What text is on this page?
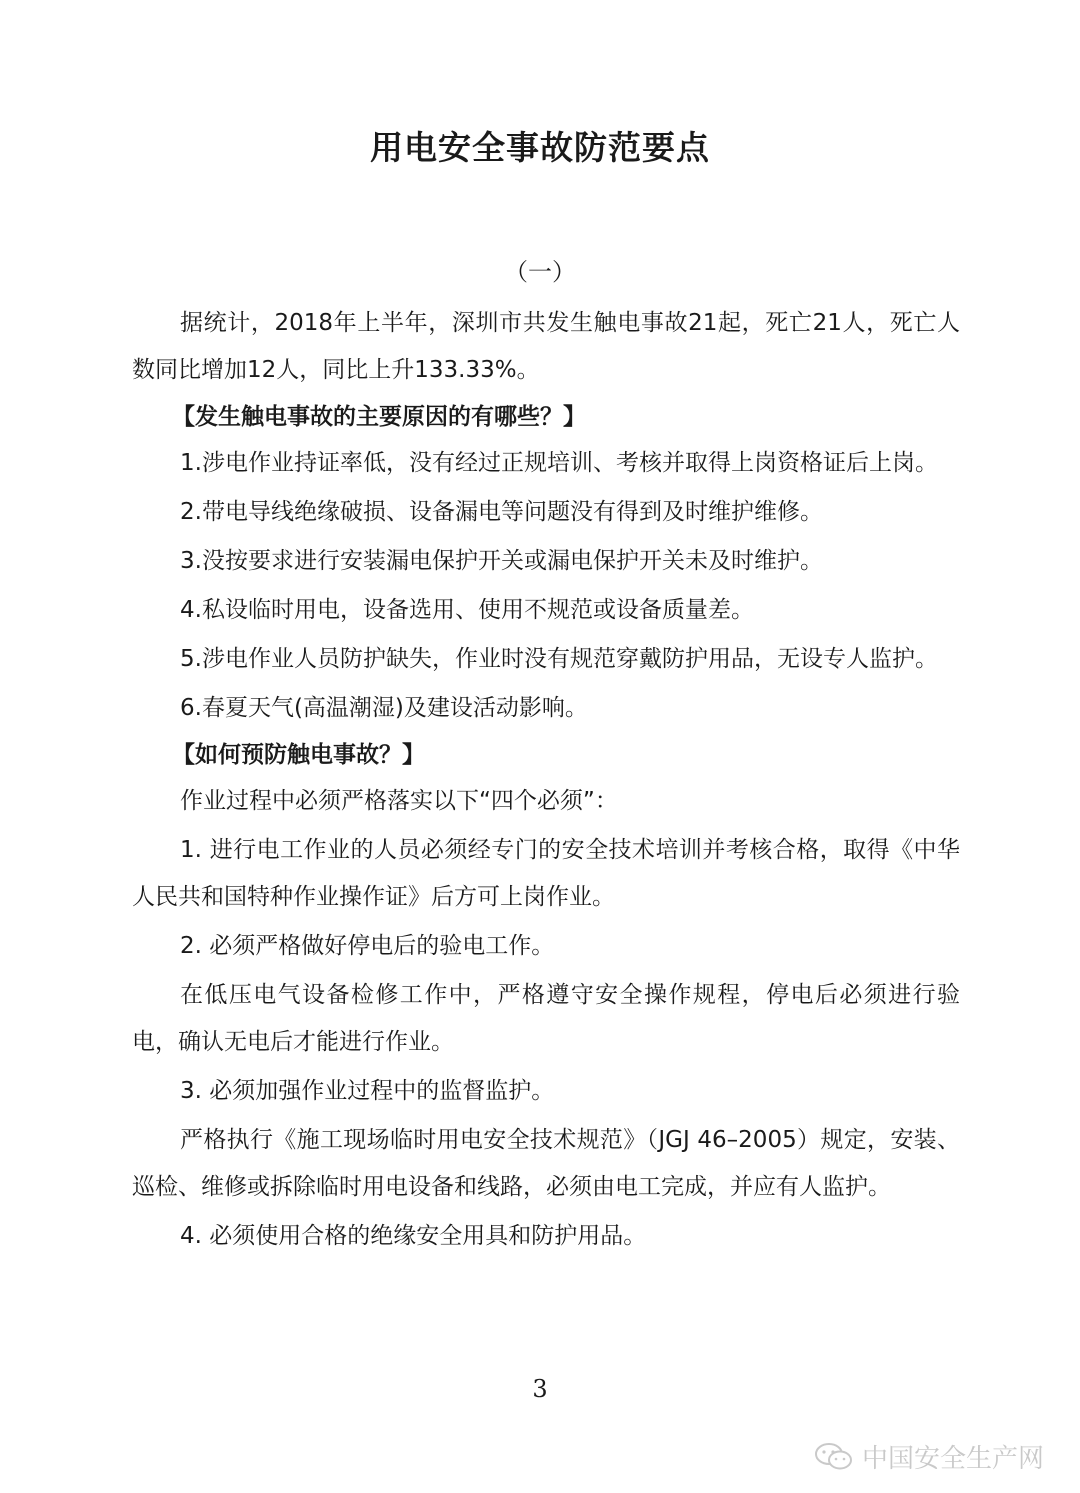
用电安全事故防范要点
（一）

据统计，2018年上半年，深圳市共发生触电事故21起，死亡21人，死亡人数同比增加12人，同比上升133.33%。

【发生触电事故的主要原因的有哪些？】

1.涉电作业持证率低，没有经过正规培训、考核并取得上岗资格证后上岗。

2.带电导线绝缘破损、设备漏电等问题没有得到及时维护维修。

3.没按要求进行安装漏电保护开关或漏电保护开关未及时维护。

4.私设临时用电，设备选用、使用不规范或设备质量差。

5.涉电作业人员防护缺失，作业时没有规范穿戴防护用品，无设专人监护。

6.春夏天气(高温潮湿)及建设活动影响。

【如何预防触电事故？】

作业过程中必须严格落实以下“四个必须”：

1. 进行电工作业的人员必须经专门的安全技术培训并考核合格，取得《中华人民共和国特种作业操作证》后方可上岗作业。

2. 必须严格做好停电后的验电工作。

在低压电气设备检修工作中，严格遵守安全操作规程，停电后必须进行验电，确认无电后才能进行作业。

3. 必须加强作业过程中的监督监护。

严格执行《施工现场临时用电安全技术规范》（JGJ 46–2005）规定，安装、巡检、维修或拆除临时用电设备和线路，必须由电工完成，并应有人监护。

4. 必须使用合格的绝缘安全用具和防护用品。

3
中国安全生产网
